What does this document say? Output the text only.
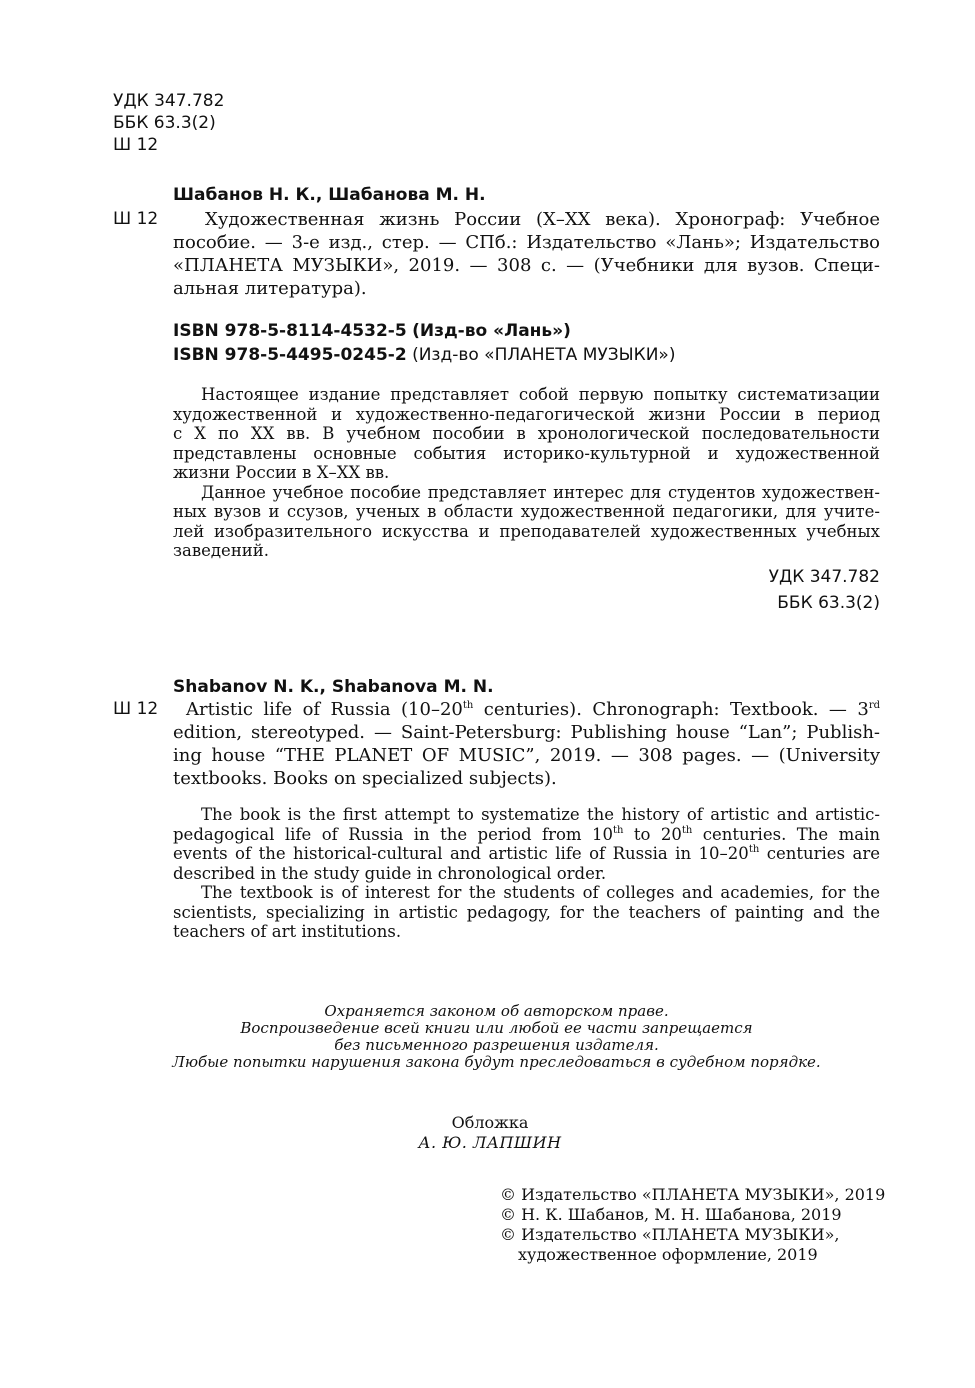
УДК 347.782
ББК 63.3(2)
Ш 12
Шабанов Н. К., Шабанова М. Н.
Ш 12	Художественная жизнь России (X–XX века). Хронограф: Учебное
пособие. — 3-е изд., стер. — СПб.: Издательство «Лань»; Издательство
«ПЛАНЕТА МУЗЫКИ», 2019. — 308 с. — (Учебники для вузов. Специ-
альная литература).
ISBN 978-5-8114-4532-5 (Изд-во «Лань»)
ISBN 978-5-4495-0245-2 (Изд-во «ПЛАНЕТА МУЗЫКИ»)
Настоящее издание представляет собой первую попытку систематизации
художественной и художественно-педагогической жизни России в период
с X по XX вв. В учебном пособии в хронологической последовательности
представлены основные события историко-культурной и художественной
жизни России в X–XX вв.
Данное учебное пособие представляет интерес для студентов художествен-
ных вузов и ссузов, ученых в области художественной педагогики, для учите-
лей изобразительного искусства и преподавателей художественных учебных
заведений.
УДК 347.782
ББК 63.3(2)
Shabanov N. K., Shabanova M. N.
Ш 12	Artistic life of Russia (10–20th centuries). Chronograph: Textbook. — 3rd
edition, stereotyped. — Saint-Petersburg: Publishing house “Lan”; Publish-
ing house “THE PLANET OF MUSIC”, 2019. — 308 pages. — (University
textbooks. Books on specialized subjects).
The book is the first attempt to systematize the history of artistic and artistic-
pedagogical life of Russia in the period from 10th to 20th centuries. The main
events of the historical-cultural and artistic life of Russia in 10–20th centuries are
described in the study guide in chronological order.
The textbook is of interest for the students of colleges and academies, for the
scientists, specializing in artistic pedagogy, for the teachers of painting and the
teachers of art institutions.
Охраняется законом об авторском праве.
Воспроизведение всей книги или любой ее части запрещается
без письменного разрешения издателя.
Любые попытки нарушения закона будут преследоваться в судебном порядке.
Обложка
А. Ю. ЛАПШИН
© Издательство «ПЛАНЕТА МУЗЫКИ», 2019
© Н. К. Шабанов, М. Н. Шабанова, 2019
© Издательство «ПЛАНЕТА МУЗЫКИ»,
художественное оформление, 2019
